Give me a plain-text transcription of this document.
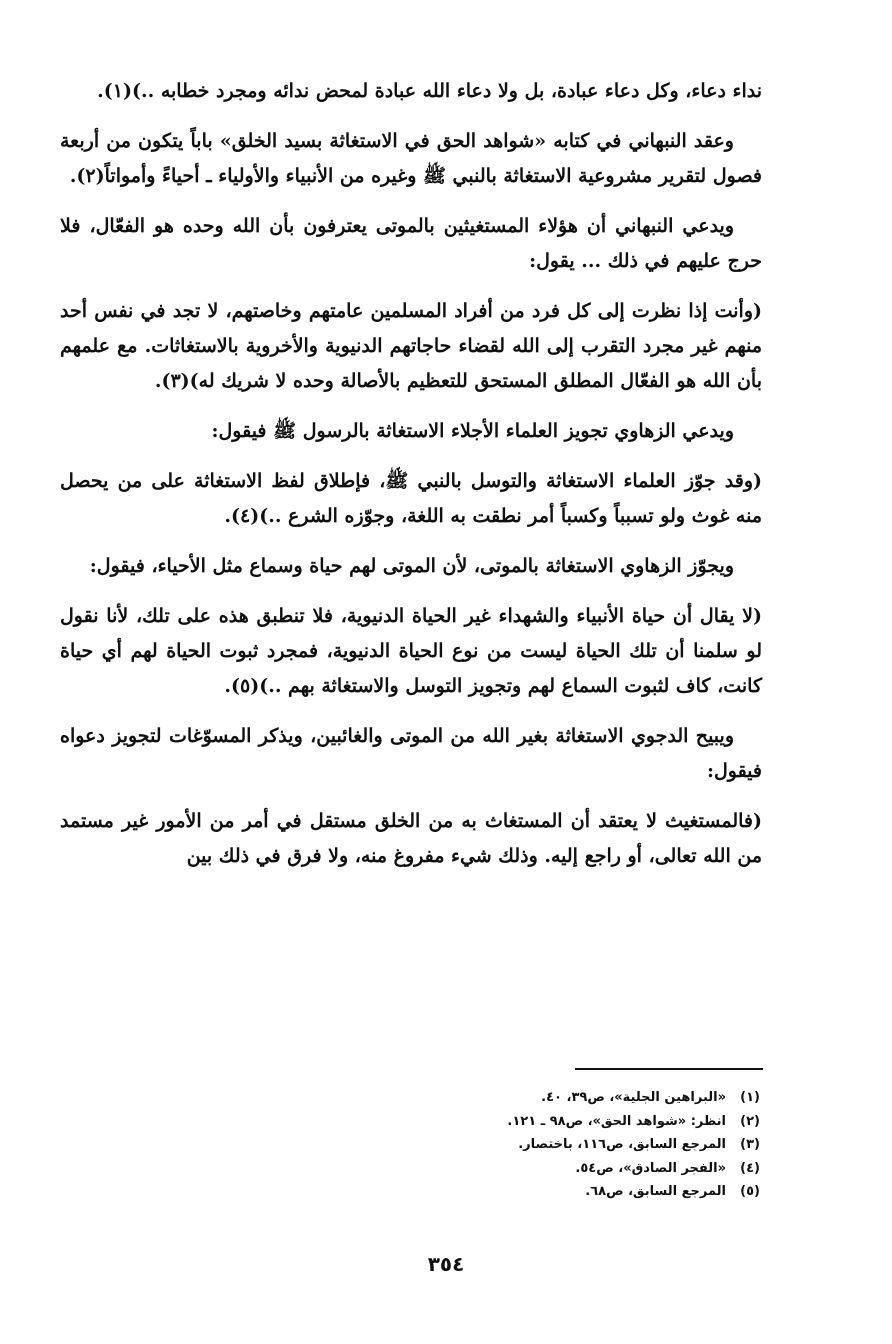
نداء دعاء، وكل دعاء عبادة، بل ولا دعاء الله عبادة لمحض ندائه ومجرد خطابه ..)(١).

وعقد النبهاني في كتابه «شواهد الحق في الاستغاثة بسيد الخلق» باباً يتكون من أربعة فصول لتقرير مشروعية الاستغاثة بالنبي ﷺ وغيره من الأنبياء والأولياء ـ أحياءً وأمواتاً(٢).

ويدعي النبهاني أن هؤلاء المستغيثين بالموتى يعترفون بأن الله وحده هو الفعّال، فلا حرج عليهم في ذلك ... يقول:

(وأنت إذا نظرت إلى كل فرد من أفراد المسلمين عامتهم وخاصتهم، لا تجد في نفس أحد منهم غير مجرد التقرب إلى الله لقضاء حاجاتهم الدنيوية والأخروية بالاستغاثات. مع علمهم بأن الله هو الفعّال المطلق المستحق للتعظيم بالأصالة وحده لا شريك له)(٣).

ويدعي الزهاوي تجويز العلماء الأجلاء الاستغاثة بالرسول ﷺ فيقول:

(وقد جوّز العلماء الاستغاثة والتوسل بالنبي ﷺ، فإطلاق لفظ الاستغاثة على من يحصل منه غوث ولو تسبباً وكسباً أمر نطقت به اللغة، وجوّزه الشرع ..)(٤).

ويجوّز الزهاوي الاستغاثة بالموتى، لأن الموتى لهم حياة وسماع مثل الأحياء، فيقول:

(لا يقال أن حياة الأنبياء والشهداء غير الحياة الدنيوية، فلا تنطبق هذه على تلك، لأنا نقول لو سلمنا أن تلك الحياة ليست من نوع الحياة الدنيوية، فمجرد ثبوت الحياة لهم أي حياة كانت، كاف لثبوت السماع لهم وتجويز التوسل والاستغاثة بهم ..)(٥).

ويبيح الدجوي الاستغاثة بغير الله من الموتى والغائبين، ويذكر المسوّغات لتجويز دعواه فيقول:

(فالمستغيث لا يعتقد أن المستغاث به من الخلق مستقل في أمر من الأمور غير مستمد من الله تعالى، أو راجع إليه. وذلك شيء مفروغ منه، ولا فرق في ذلك بين

(١)
«البراهين الجلية»، ص٣٩، ٤٠.
(٢)
انظر: «شواهد الحق»، ص٩٨ ـ ١٢١.
(٣)
المرجع السابق، ص١١٦، باختصار.
(٤)
«الفجر الصادق»، ص٥٤.
(٥)
المرجع السابق، ص٦٨.
٣٥٤
